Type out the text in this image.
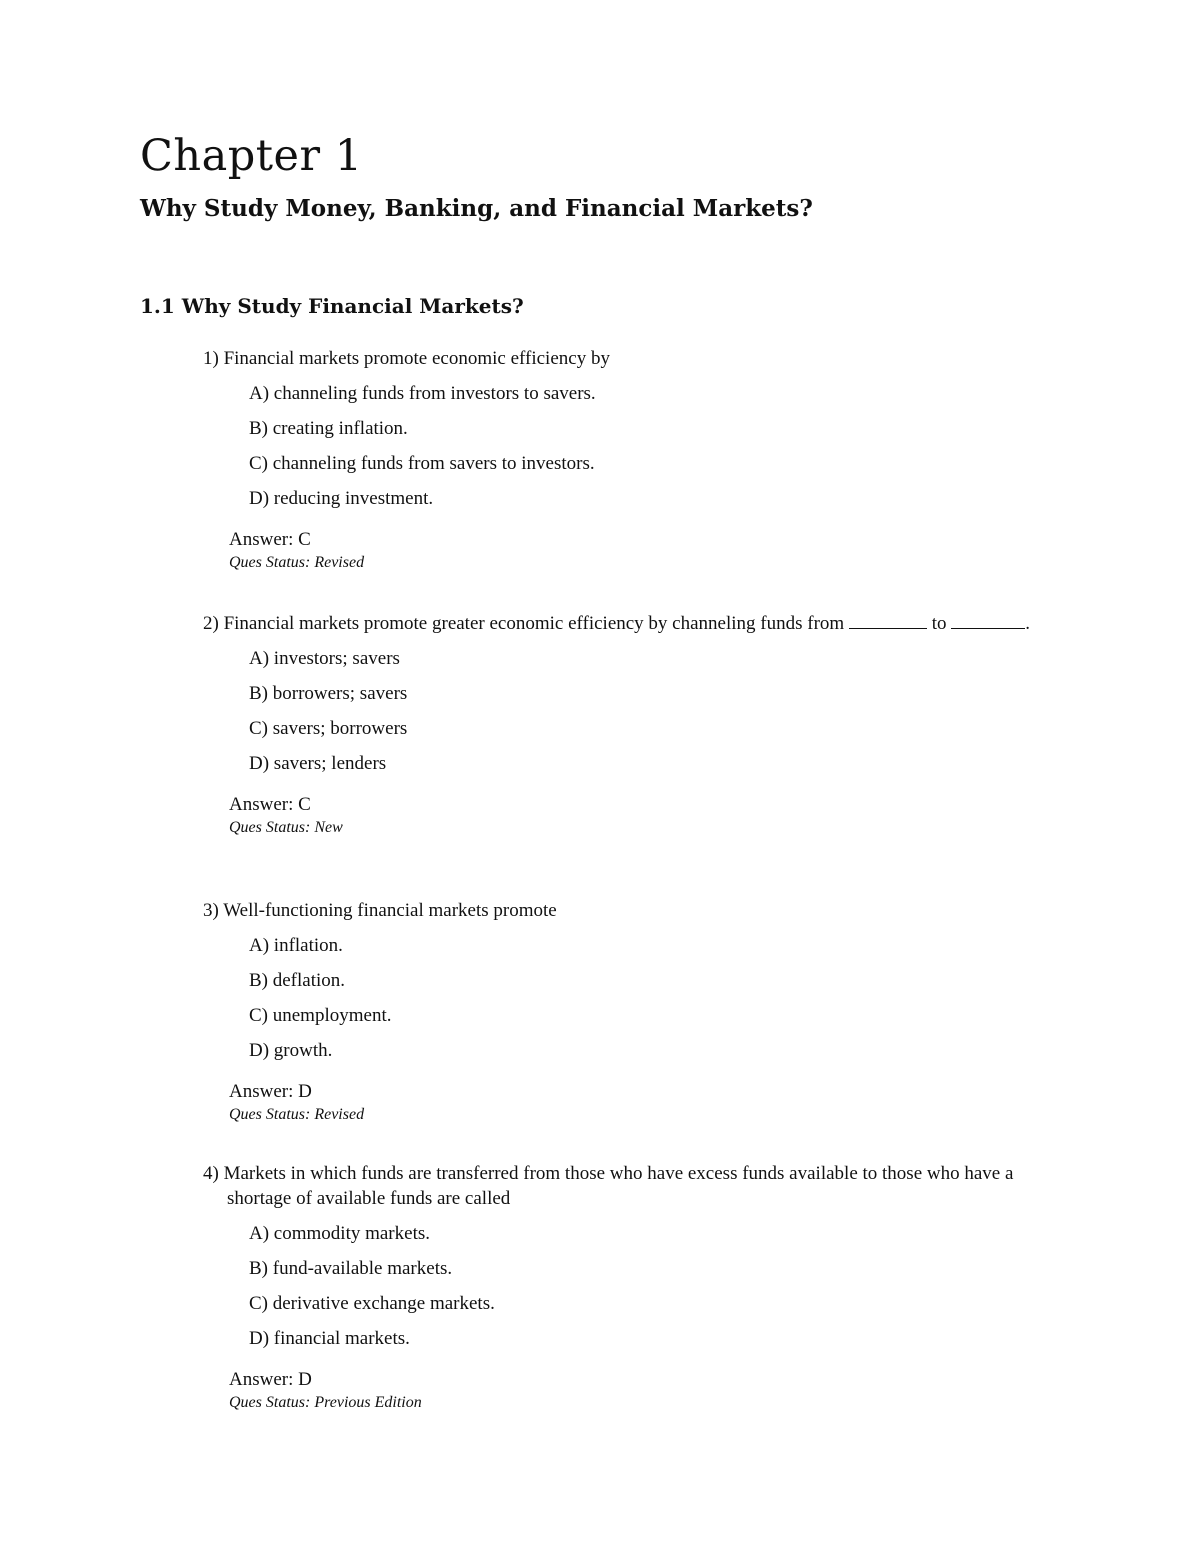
Chapter 1
Why Study Money, Banking, and Financial Markets?
1.1 Why Study Financial Markets?

1) Financial markets promote economic efficiency by

A) channeling funds from investors to savers.
B) creating inflation.
C) channeling funds from savers to investors.
D) reducing investment.

Answer: C

Ques Status: Revised

2) Financial markets promote greater economic efficiency by channeling funds from	to	.

A) investors; savers
B) borrowers; savers
C) savers; borrowers
D) savers; lenders

Answer: C

Ques Status: New

3) Well-functioning financial markets promote

A) inflation.
B) deflation.
C) unemployment.
D) growth.

Answer: D

Ques Status: Revised

4) Markets in which funds are transferred from those who have excess funds available to those who have a shortage of available funds are called

A) commodity markets.
B) fund-available markets.
C) derivative exchange markets.
D) financial markets.

Answer: D

Ques Status: Previous Edition
